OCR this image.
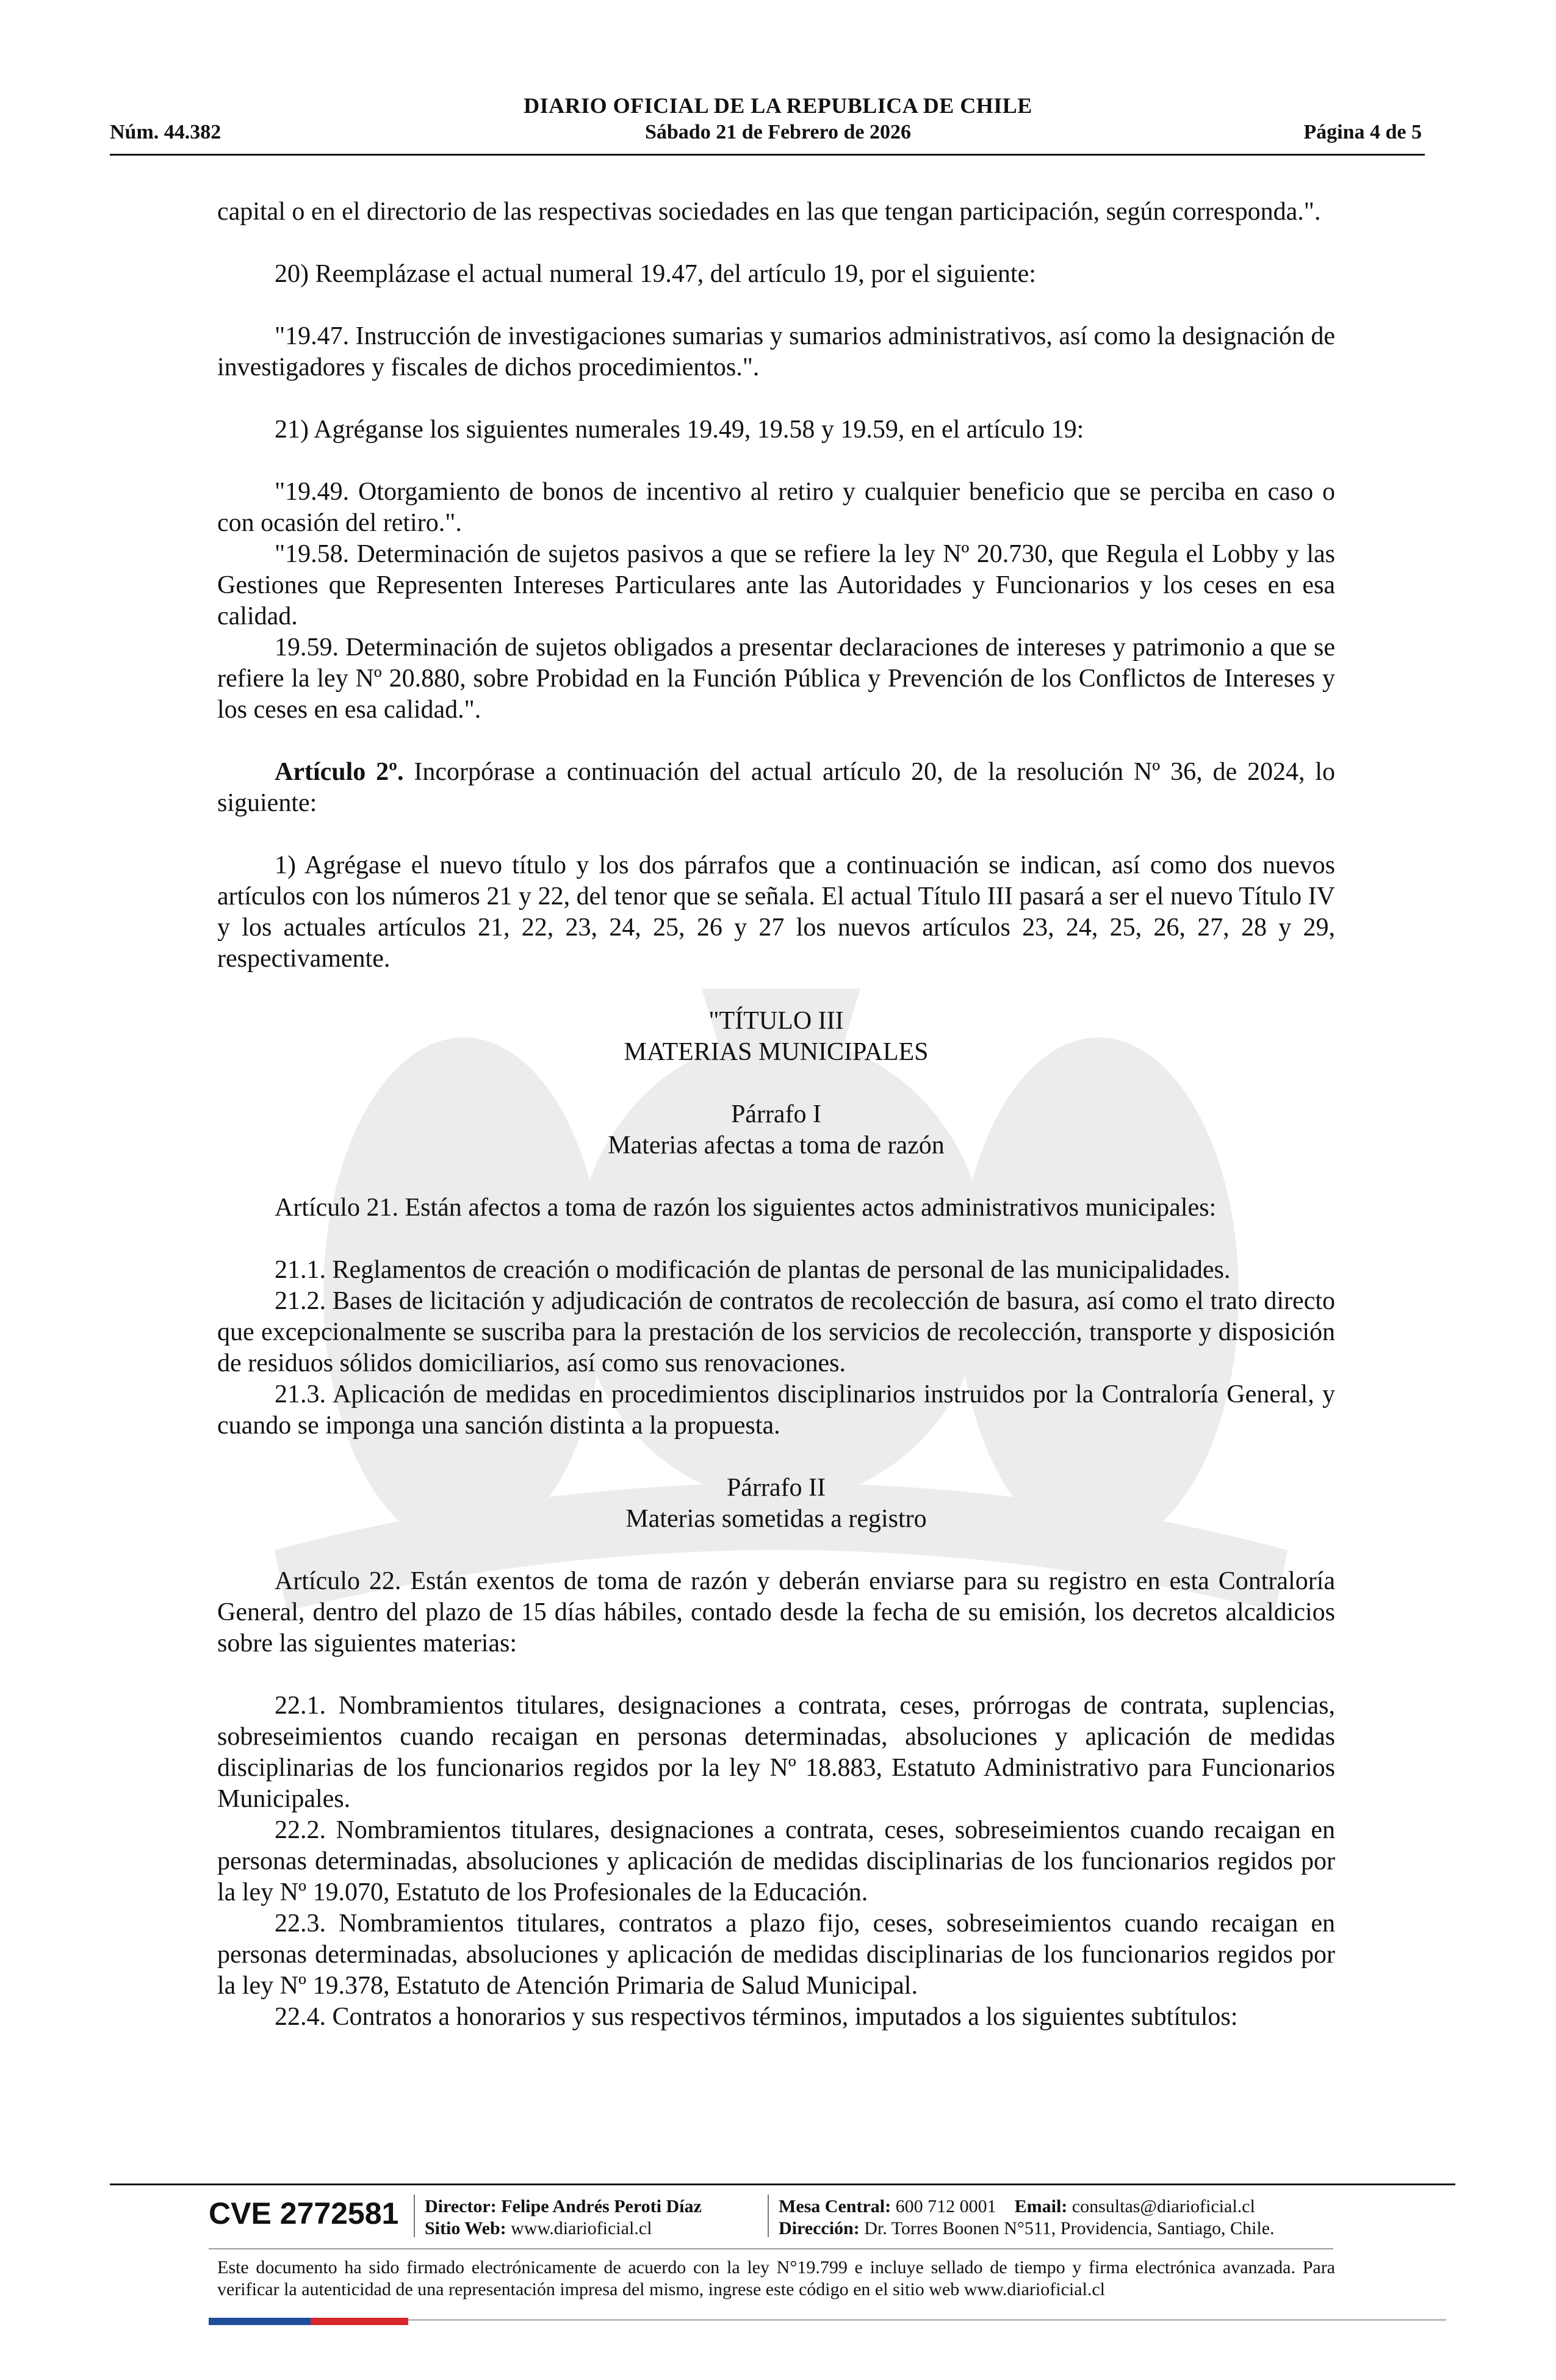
DIARIO OFICIAL DE LA REPUBLICA DE CHILE
Núm. 44.382	Sábado 21 de Febrero de 2026	Página 4 de 5

capital o en el directorio de las respectivas sociedades en las que tengan participación, según corresponda.".

20) Reemplázase el actual numeral 19.47, del artículo 19, por el siguiente:

"19.47. Instrucción de investigaciones sumarias y sumarios administrativos, así como la designación de investigadores y fiscales de dichos procedimientos.".

21) Agréganse los siguientes numerales 19.49, 19.58 y 19.59, en el artículo 19:

"19.49. Otorgamiento de bonos de incentivo al retiro y cualquier beneficio que se perciba en caso o con ocasión del retiro.".

"19.58. Determinación de sujetos pasivos a que se refiere la ley Nº 20.730, que Regula el Lobby y las Gestiones que Representen Intereses Particulares ante las Autoridades y Funcionarios y los ceses en esa calidad.

19.59. Determinación de sujetos obligados a presentar declaraciones de intereses y patrimonio a que se refiere la ley Nº 20.880, sobre Probidad en la Función Pública y Prevención de los Conflictos de Intereses y los ceses en esa calidad.".

Artículo 2º. Incorpórase a continuación del actual artículo 20, de la resolución Nº 36, de 2024, lo siguiente:

1) Agrégase el nuevo título y los dos párrafos que a continuación se indican, así como dos nuevos artículos con los números 21 y 22, del tenor que se señala. El actual Título III pasará a ser el nuevo Título IV y los actuales artículos 21, 22, 23, 24, 25, 26 y 27 los nuevos artículos 23, 24, 25, 26, 27, 28 y 29, respectivamente.

"TÍTULO III

MATERIAS MUNICIPALES

Párrafo I

Materias afectas a toma de razón

Artículo 21. Están afectos a toma de razón los siguientes actos administrativos municipales:

21.1. Reglamentos de creación o modificación de plantas de personal de las municipalidades.

21.2. Bases de licitación y adjudicación de contratos de recolección de basura, así como el trato directo que excepcionalmente se suscriba para la prestación de los servicios de recolección, transporte y disposición de residuos sólidos domiciliarios, así como sus renovaciones.

21.3. Aplicación de medidas en procedimientos disciplinarios instruidos por la Contraloría General, y cuando se imponga una sanción distinta a la propuesta.

Párrafo II

Materias sometidas a registro

Artículo 22. Están exentos de toma de razón y deberán enviarse para su registro en esta Contraloría General, dentro del plazo de 15 días hábiles, contado desde la fecha de su emisión, los decretos alcaldicios sobre las siguientes materias:

22.1. Nombramientos titulares, designaciones a contrata, ceses, prórrogas de contrata, suplencias, sobreseimientos cuando recaigan en personas determinadas, absoluciones y aplicación de medidas disciplinarias de los funcionarios regidos por la ley Nº 18.883, Estatuto Administrativo para Funcionarios Municipales.

22.2. Nombramientos titulares, designaciones a contrata, ceses, sobreseimientos cuando recaigan en personas determinadas, absoluciones y aplicación de medidas disciplinarias de los funcionarios regidos por la ley Nº 19.070, Estatuto de los Profesionales de la Educación.

22.3. Nombramientos titulares, contratos a plazo fijo, ceses, sobreseimientos cuando recaigan en personas determinadas, absoluciones y aplicación de medidas disciplinarias de los funcionarios regidos por la ley Nº 19.378, Estatuto de Atención Primaria de Salud Municipal.

22.4. Contratos a honorarios y sus respectivos términos, imputados a los siguientes subtítulos:

CVE 2772581 Director: Felipe Andrés Peroti Díaz
Sitio Web: www.diarioficial.cl
Mesa Central: 600 712 0001 Email: consultas@diarioficial.cl
Dirección: Dr. Torres Boonen N°511, Providencia, Santiago, Chile.
Este documento ha sido firmado electrónicamente de acuerdo con la ley N°19.799 e incluye sellado de tiempo y firma electrónica avanzada. Para verificar la autenticidad de una representación impresa del mismo, ingrese este código en el sitio web www.diarioficial.cl
